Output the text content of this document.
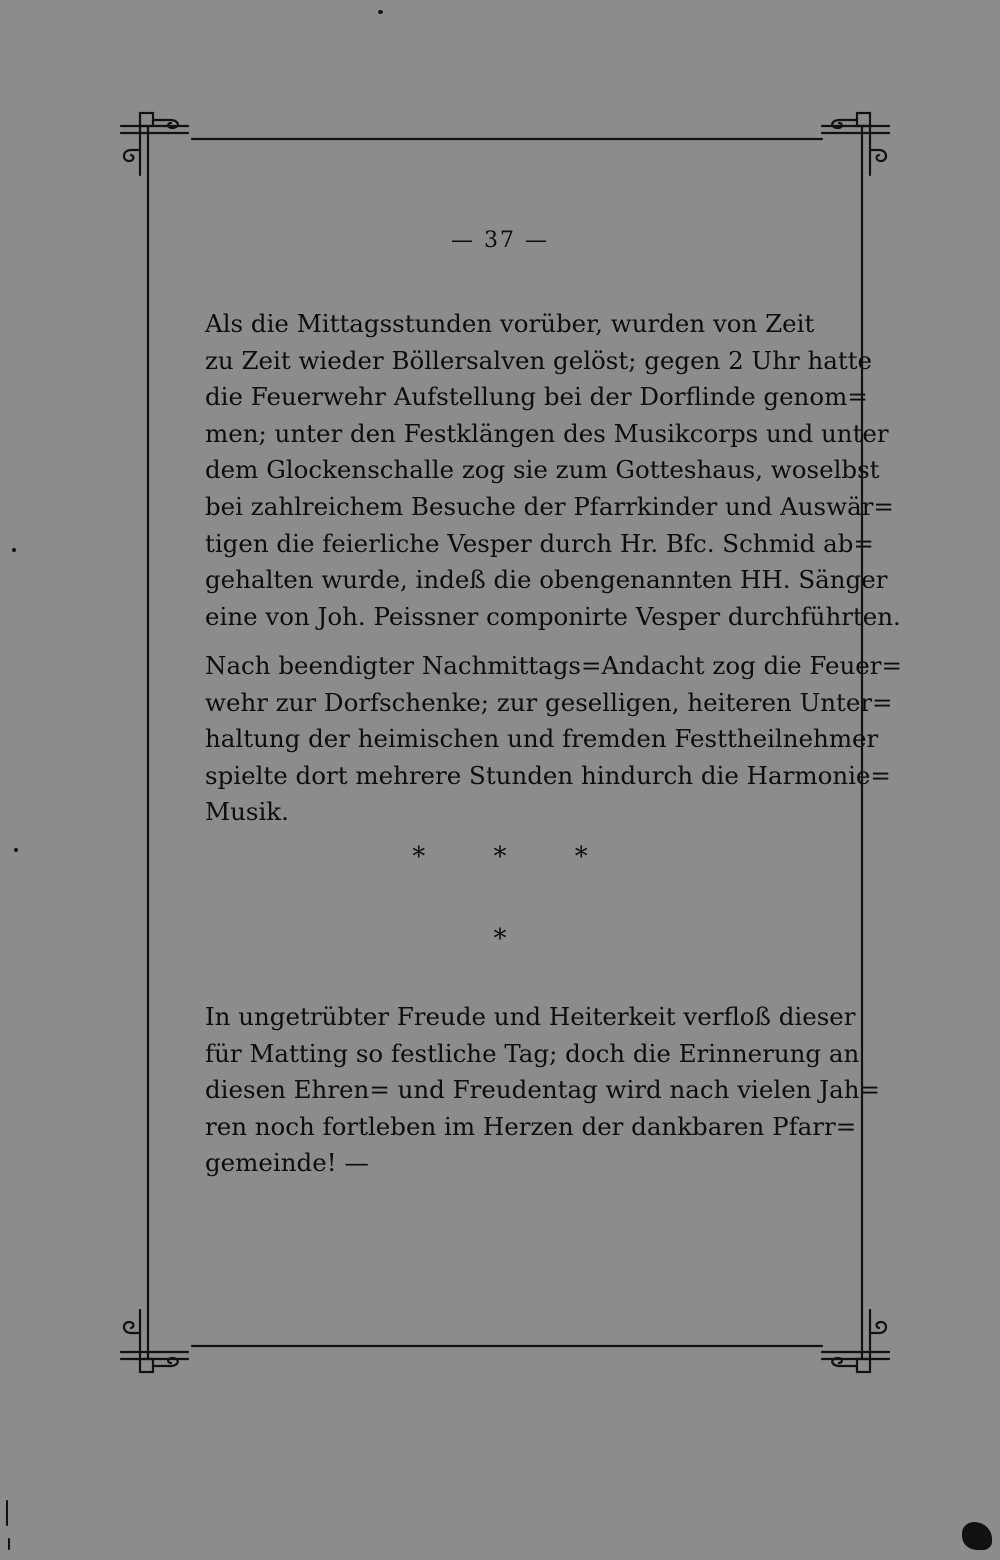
— 37 —
Als die Mittagsstunden vorüber, wurden von Zeit
zu Zeit wieder Böllersalven gelöst; gegen 2 Uhr hatte
die Feuerwehr Aufstellung bei der Dorflinde genom=
men; unter den Festklängen des Musikcorps und unter
dem Glockenschalle zog sie zum Gotteshaus, woselbst
bei zahlreichem Besuche der Pfarrkinder und Auswär=
tigen die feierliche Vesper durch Hr. Bfc. Schmid ab=
gehalten wurde, indeß die obengenannten HH. Sänger
eine von Joh. Peissner componirte Vesper durchführten.
Nach beendigter Nachmittags=Andacht zog die Feuer=
wehr zur Dorfschenke; zur geselligen, heiteren Unter=
haltung der heimischen und fremden Festtheilnehmer
spielte dort mehrere Stunden hindurch die Harmonie=
Musik.
*	*	*
*
In ungetrübter Freude und Heiterkeit verfloß dieser
für Matting so festliche Tag; doch die Erinnerung an
diesen Ehren= und Freudentag wird nach vielen Jah=
ren noch fortleben im Herzen der dankbaren Pfarr=
gemeinde! —
